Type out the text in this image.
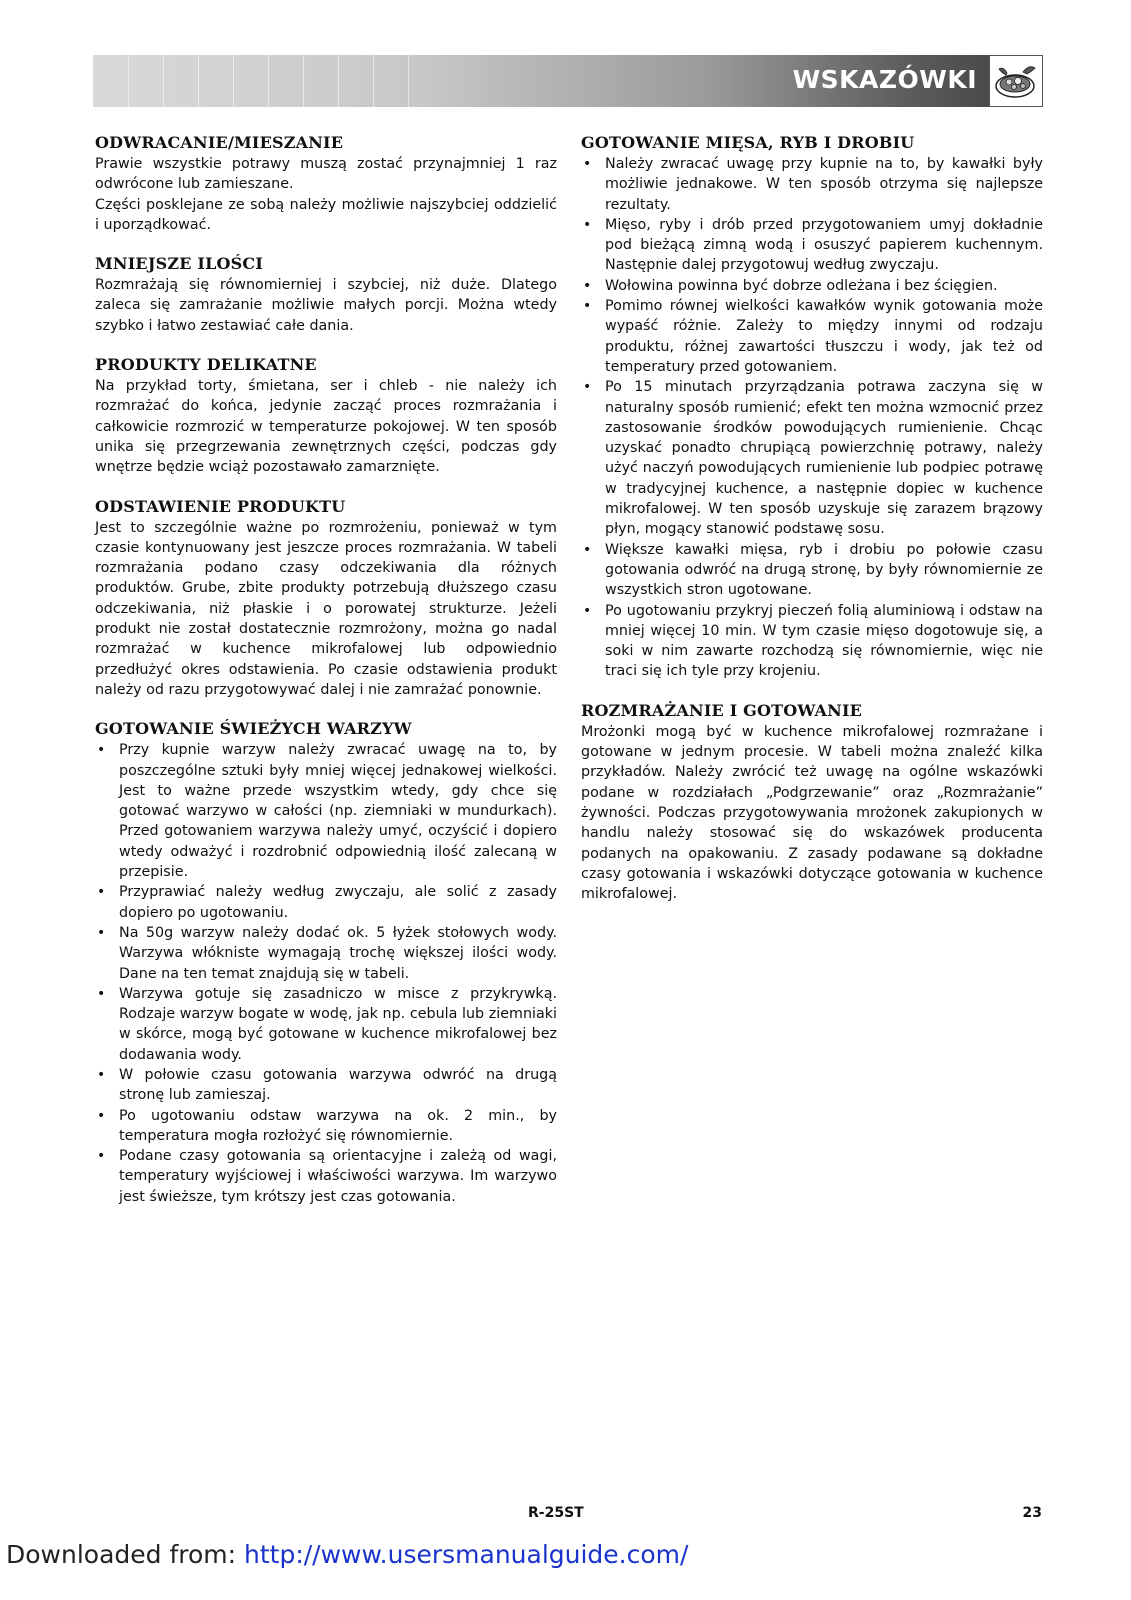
WSKAZÓWKI
ODWRACANIE/MIESZANIE

Prawie wszystkie potrawy muszą zostać przynajmniej 1 raz odwrócone lub zamieszane.

Części posklejane ze sobą należy możliwie najszybciej oddzielić i uporządkować.

MNIEJSZE ILOŚCI

Rozmrażają się równomierniej i szybciej, niż duże. Dlatego zaleca się zamrażanie możliwie małych porcji. Można wtedy szybko i łatwo zestawiać całe dania.

PRODUKTY DELIKATNE

Na przykład torty, śmietana, ser i chleb - nie należy ich rozmrażać do końca, jedynie zacząć proces rozmrażania i całkowicie rozmrozić w temperaturze pokojowej. W ten sposób unika się przegrzewania zewnętrznych części, podczas gdy wnętrze będzie wciąż pozostawało zamarznięte.

ODSTAWIENIE PRODUKTU

Jest to szczególnie ważne po rozmrożeniu, ponieważ w tym czasie kontynuowany jest jeszcze proces rozmrażania. W tabeli rozmrażania podano czasy odczekiwania dla różnych produktów. Grube, zbite produkty potrzebują dłuższego czasu odczekiwania, niż płaskie i o porowatej strukturze. Jeżeli produkt nie został dostatecznie rozmrożony, można go nadal rozmrażać w kuchence mikrofalowej lub odpowiednio przedłużyć okres odstawienia. Po czasie odstawienia produkt należy od razu przygotowywać dalej i nie zamrażać ponownie.

GOTOWANIE ŚWIEŻYCH WARZYW
• Przy kupnie warzyw należy zwracać uwagę na to, by poszczególne sztuki były mniej więcej jednakowej wielkości. Jest to ważne przede wszystkim wtedy, gdy chce się gotować warzywo w całości (np. ziemniaki w mundurkach). Przed gotowaniem warzywa należy umyć, oczyścić i dopiero wtedy odważyć i rozdrobnić odpowiednią ilość zalecaną w przepisie.
• Przyprawiać należy według zwyczaju, ale solić z zasady dopiero po ugotowaniu.
• Na 50g warzyw należy dodać ok. 5 łyżek stołowych wody. Warzywa włókniste wymagają trochę większej ilości wody. Dane na ten temat znajdują się w tabeli.
• Warzywa gotuje się zasadniczo w misce z przykrywką. Rodzaje warzyw bogate w wodę, jak np. cebula lub ziemniaki w skórce, mogą być gotowane w kuchence mikrofalowej bez dodawania wody.
• W połowie czasu gotowania warzywa odwróć na drugą stronę lub zamieszaj.
• Po ugotowaniu odstaw warzywa na ok. 2 min., by temperatura mogła rozłożyć się równomiernie.
• Podane czasy gotowania są orientacyjne i zależą od wagi, temperatury wyjściowej i właściwości warzywa. Im warzywo jest świeższe, tym krótszy jest czas gotowania.
GOTOWANIE MIĘSA, RYB I DROBIU
• Należy zwracać uwagę przy kupnie na to, by kawałki były możliwie jednakowe. W ten sposób otrzyma się najlepsze rezultaty.
• Mięso, ryby i drób przed przygotowaniem umyj dokładnie pod bieżącą zimną wodą i osuszyć papierem kuchennym. Następnie dalej przygotowuj według zwyczaju.
• Wołowina powinna być dobrze odleżana i bez ścięgien.
• Pomimo równej wielkości kawałków wynik gotowania może wypaść różnie. Zależy to między innymi od rodzaju produktu, różnej zawartości tłuszczu i wody, jak też od temperatury przed gotowaniem.
• Po 15 minutach przyrządzania potrawa zaczyna się w naturalny sposób rumienić; efekt ten można wzmocnić przez zastosowanie środków powodujących rumienienie. Chcąc uzyskać ponadto chrupiącą powierzchnię potrawy, należy użyć naczyń powodujących rumienienie lub podpiec potrawę w tradycyjnej kuchence, a następnie dopiec w kuchence mikrofalowej. W ten sposób uzyskuje się zarazem brązowy płyn, mogący stanowić podstawę sosu.
• Większe kawałki mięsa, ryb i drobiu po połowie czasu gotowania odwróć na drugą stronę, by były równomiernie ze wszystkich stron ugotowane.
• Po ugotowaniu przykryj pieczeń folią aluminiową i odstaw na mniej więcej 10 min. W tym czasie mięso dogotowuje się, a soki w nim zawarte rozchodzą się równomiernie, więc nie traci się ich tyle przy krojeniu.
ROZMRAŻANIE I GOTOWANIE

Mrożonki mogą być w kuchence mikrofalowej rozmrażane i gotowane w jednym procesie. W tabeli można znaleźć kilka przykładów. Należy zwrócić też uwagę na ogólne wskazówki podane w rozdziałach „Podgrzewanie” oraz „Rozmrażanie” żywności. Podczas przygotowywania mrożonek zakupionych w handlu należy stosować się do wskazówek producenta podanych na opakowaniu. Z zasady podawane są dokładne czasy gotowania i wskazówki dotyczące gotowania w kuchence mikrofalowej.

R-25ST	23
Downloaded from: http://www.usersmanualguide.com/
